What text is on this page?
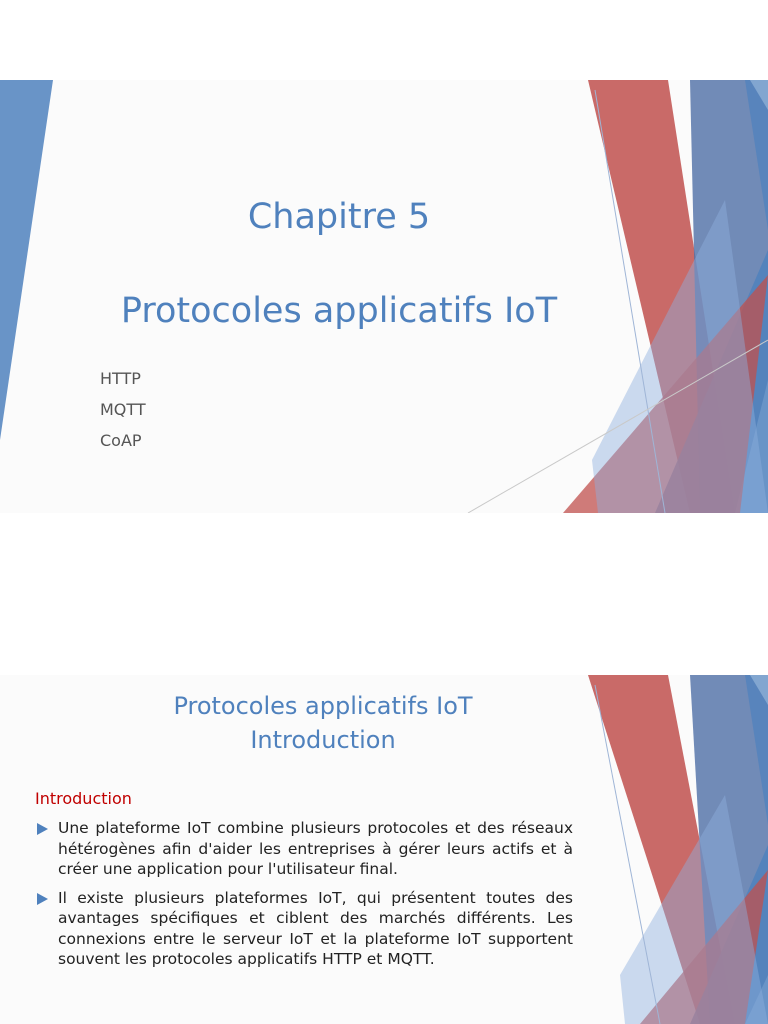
Chapitre 5
Protocoles applicatifs IoT
HTTP
MQTT
CoAP
Protocoles applicatifs IoT
Introduction
Introduction
Une plateforme IoT combine plusieurs protocoles et des réseaux hétérogènes afin d'aider les entreprises à gérer leurs actifs et à créer une application pour l'utilisateur final.
Il existe plusieurs plateformes IoT, qui présentent toutes des avantages spécifiques et ciblent des marchés différents. Les connexions entre le serveur IoT et la plateforme IoT supportent souvent les protocoles applicatifs HTTP et MQTT.
